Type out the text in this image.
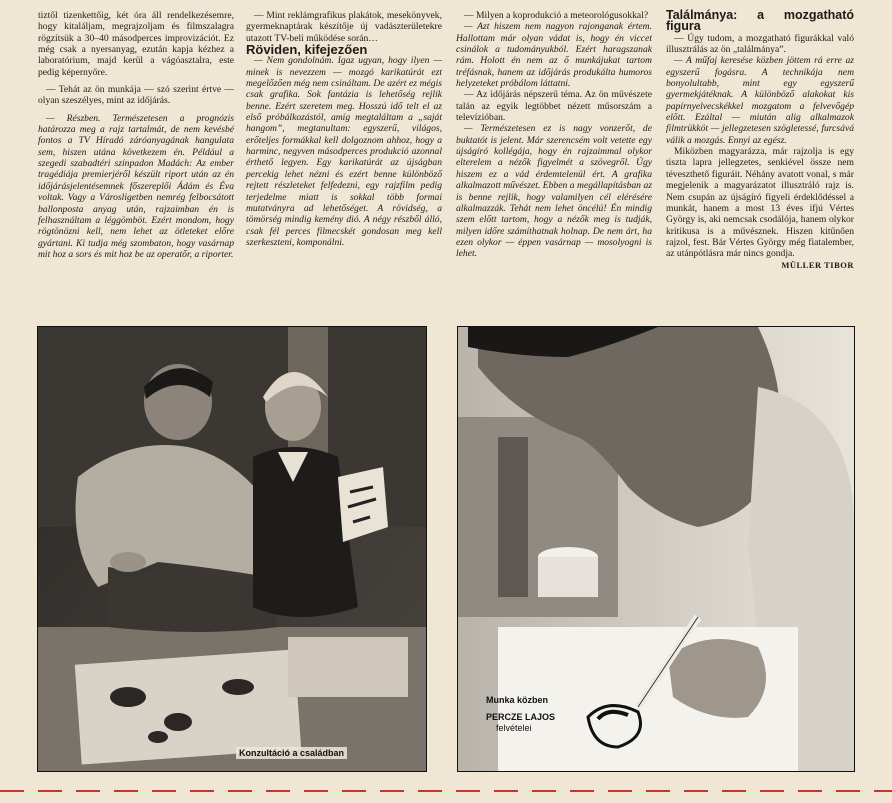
tiztől tizenkettőig, két óra áll rendelkezésemre, hogy kitaláljam, megrajzoljam és filmszalagra rögzítsük a 30–40 másodperces improvizációt. Ez még csak a nyersanyag, ezután kapja kézhez a laboratórium, majd kerül a vágóasztalra, este pedig képernyőre.

— Tehát az ön munkája — szó szerint értve — olyan szeszélyes, mint az időjárás.

— Részben. Természetesen a prognózis határozza meg a rajz tartalmát, de nem kevésbé fontos a TV Híradó záróanyagának hangulata sem, hiszen utána következem én. Például a szegedi szabadtéri színpadon Madách: Az ember tragédiája premierjéről készült riport után az én időjárásjelentésemnek főszereplői Ádám és Éva voltak. Vagy a Városligetben nemrég felbocsátott ballonposta anyag után, rajzaimban én is felhasználtam a léggömböt. Ezért mondom, hogy rögtönözni kell, nem lehet az ötleteket előre gyártani. Ki tudja még szombaton, hogy vasárnap mit hoz a sors és mit hoz be az operatőr, a riporter.

— Mint reklámgrafikus plakátok, mesekönyvek, gyermeknaptárak készítője új vadászterületekre utazott TV-beli működése során…

Röviden, kifejezően

— Nem gondolnám. Igaz ugyan, hogy ilyen — minek is nevezzem — mozgó karikatúrát ezt megelőzően még nem csináltam. De azért ez mégis csak grafika. Sok fantázia is lehetőség rejlik benne. Ezért szeretem meg. Hosszú idő telt el az első próbálkozástól, amíg megtaláltam a „saját hangom”, megtanultam: egyszerű, világos, erőteljes formákkal kell dolgoznom ahhoz, hogy a harminc, negyven másodperces produkció azonnal érthető legyen. Egy karikatúrát az újságban percekig lehet nézni és ezért benne különböző rejtett részleteket felfedezni, egy rajzfilm pedig terjedelme miatt is sokkal több formai mutatványra ad lehetőséget. A rövidség, a tömörség mindig kemény dió. A négy részből álló, csak fél perces filmecskét gondosan meg kell szerkeszteni, komponálni.

— Milyen a koprodukció a meteorológusokkal?

— Azt hiszem nem nagyon rajonganak értem. Hallottam már olyan vádat is, hogy én viccet csinálok a tudományukból. Ezért haragszanak rám. Holott én nem az ő munkájukat tartom tréfásnak, hanem az időjárás produkálta humoros helyzeteket próbálom láttatni.

— Az időjárás népszerű téma. Az ön művészete talán az egyik legtöbbet nézett műsorszám a televízióban.

— Természetesen ez is nagy vonzerőt, de buktatót is jelent. Már szerencsém volt vetette egy újságíró kollégája, hogy én rajzaimmal olykor elterelem a nézők figyelmét a szövegről. Úgy hiszem ez a vád érdemtelenül ért. A grafika alkalmazott művészet. Ebben a megállapításban az is benne rejlik, hogy valamilyen cél elérésére alkalmazzák. Tehát nem lehet öncélú! Én mindig szem előtt tartom, hogy a nézők meg is tudják, milyen időre számíthatnak holnap. De nem árt, ha ezen olykor — éppen vasárnap — mosolyogni is lehet.

Találmánya: a mozgatható figura

— Úgy tudom, a mozgatható figurákkal való illusztrálás az ön „találmánya”.

— A műfaj keresése közben jöttem rá erre az egyszerű fogásra. A technikája nem bonyolultabb, mint egy egyszerű gyermekjátéknak. A különböző alakokat kis papírnyelvecskékkel mozgatom a felvevőgép előtt. Ezáltal — miután alig alkalmazok filmtrükköt — jellegzetesen szögletessé, furcsává válik a mozgás. Ennyi az egész.

Miközben magyarázza, már rajzolja is egy tiszta lapra jellegzetes, senkiével össze nem téveszthető figuráit. Néhány avatott vonal, s már megjelenik a magyarázatot illusztráló rajz is. Nem csupán az újságíró figyeli érdeklődéssel a munkát, hanem a most 13 éves ifjú Vértes György is, aki nemcsak csodálója, hanem olykor kritikusa is a művésznek. Hiszen kitűnően rajzol, fest. Bár Vértes György még fiatalember, az utánpótlásra már nincs gondja.

MÜLLER TIBOR

Konzultáció a családban
Munka közben
PERCZE LAJOS
felvételei
